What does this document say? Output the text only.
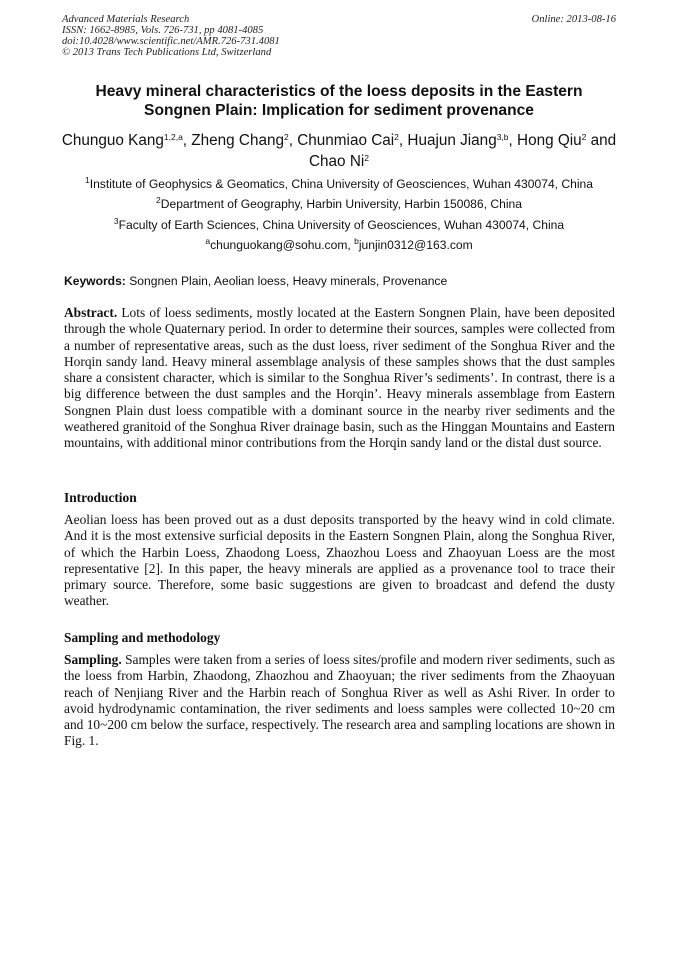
Advanced Materials Research
ISSN: 1662-8985, Vols. 726-731, pp 4081-4085
doi:10.4028/www.scientific.net/AMR.726-731.4081
© 2013 Trans Tech Publications Ltd, Switzerland
Online: 2013-08-16
Heavy mineral characteristics of the loess deposits in the Eastern Songnen Plain: Implication for sediment provenance
Chunguo Kang$^{1,2,a}$, Zheng Chang$^2$, Chunmiao Cai$^2$, Huajun Jiang$^{3,b}$, Hong Qiu$^2$ and Chao Ni$^2$
$^1$Institute of Geophysics & Geomatics, China University of Geosciences, Wuhan 430074, China
$^2$Department of Geography, Harbin University, Harbin 150086, China
$^3$Faculty of Earth Sciences, China University of Geosciences, Wuhan 430074, China
$^a$chunguokang@sohu.com, $^b$junjin0312@163.com
Keywords: Songnen Plain, Aeolian loess, Heavy minerals, Provenance
Abstract. Lots of loess sediments, mostly located at the Eastern Songnen Plain, have been deposited through the whole Quaternary period. In order to determine their sources, samples were collected from a number of representative areas, such as the dust loess, river sediment of the Songhua River and the Horqin sandy land. Heavy mineral assemblage analysis of these samples shows that the dust samples share a consistent character, which is similar to the Songhua River’s sediments’. In contrast, there is a big difference between the dust samples and the Horqin’. Heavy minerals assemblage from Eastern Songnen Plain dust loess compatible with a dominant source in the nearby river sediments and the weathered granitoid of the Songhua River drainage basin, such as the Hinggan Mountains and Eastern mountains, with additional minor contributions from the Horqin sandy land or the distal dust source.
Introduction
Aeolian loess has been proved out as a dust deposits transported by the heavy wind in cold climate. And it is the most extensive surficial deposits in the Eastern Songnen Plain, along the Songhua River, of which the Harbin Loess, Zhaodong Loess, Zhaozhou Loess and Zhaoyuan Loess are the most representative [2]. In this paper, the heavy minerals are applied as a provenance tool to trace their primary source. Therefore, some basic suggestions are given to broadcast and defend the dusty weather.
Sampling and methodology
Sampling. Samples were taken from a series of loess sites/profile and modern river sediments, such as the loess from Harbin, Zhaodong, Zhaozhou and Zhaoyuan; the river sediments from the Zhaoyuan reach of Nenjiang River and the Harbin reach of Songhua River as well as Ashi River. In order to avoid hydrodynamic contamination, the river sediments and loess samples were collected 10~20 cm and 10~200 cm below the surface, respectively. The research area and sampling locations are shown in Fig. 1.
